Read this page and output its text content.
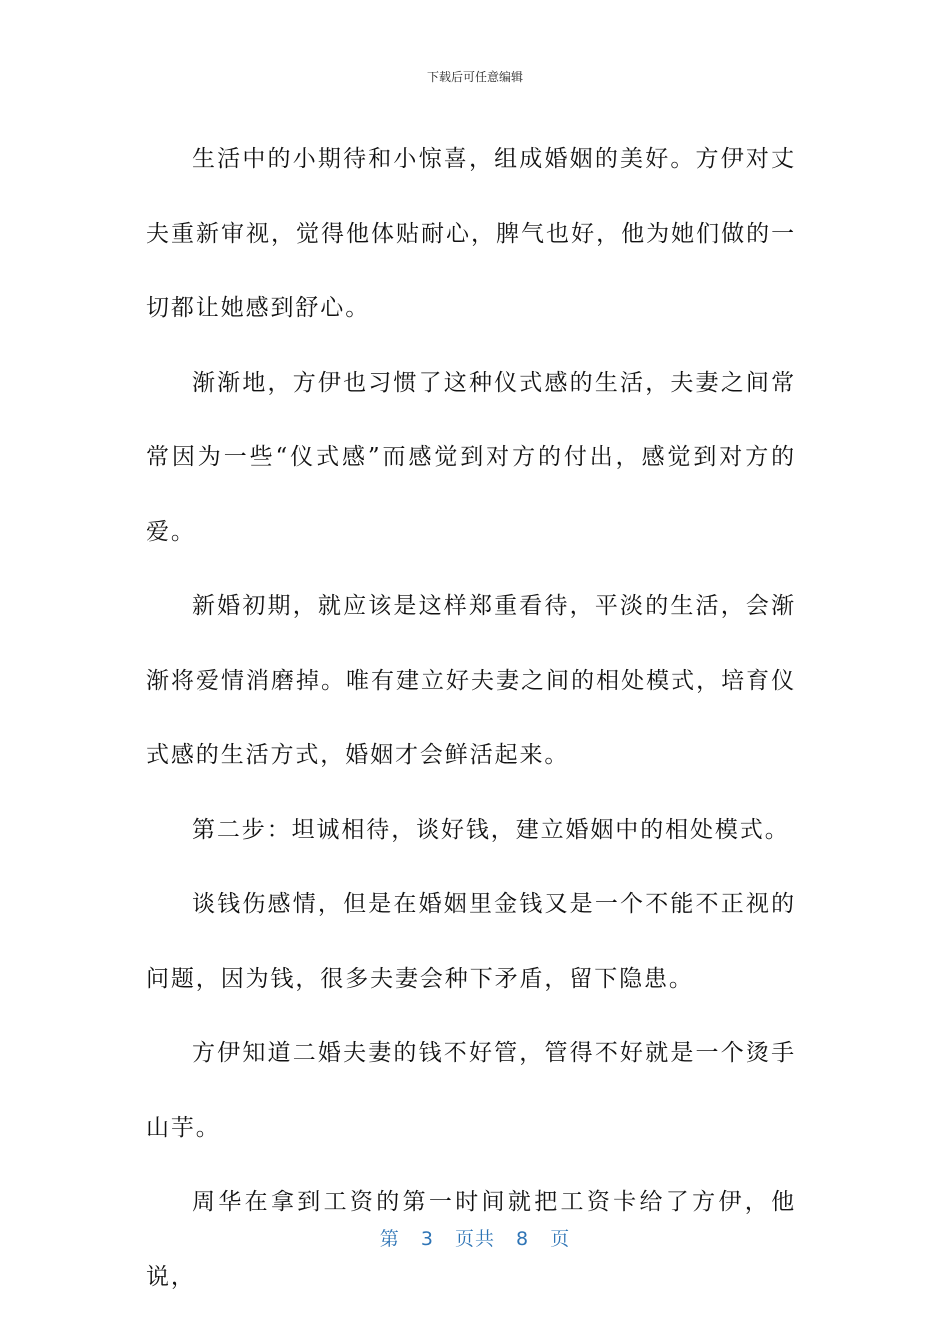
下载后可任意编辑

生活中的小期待和小惊喜，组成婚姻的美好。方伊对丈夫重新审视，觉得他体贴耐心，脾气也好，他为她们做的一切都让她感到舒心。

渐渐地，方伊也习惯了这种仪式感的生活，夫妻之间常常因为一些“仪式感”而感觉到对方的付出，感觉到对方的爱。

新婚初期，就应该是这样郑重看待，平淡的生活，会渐渐将爱情消磨掉。唯有建立好夫妻之间的相处模式，培育仪式感的生活方式，婚姻才会鲜活起来。

第二步：坦诚相待，谈好钱，建立婚姻中的相处模式。

谈钱伤感情，但是在婚姻里金钱又是一个不能不正视的问题，因为钱，很多夫妻会种下矛盾，留下隐患。

方伊知道二婚夫妻的钱不好管，管得不好就是一个烫手山芋。

周华在拿到工资的第一时间就把工资卡给了方伊，他说，

第 3 页共 8 页
